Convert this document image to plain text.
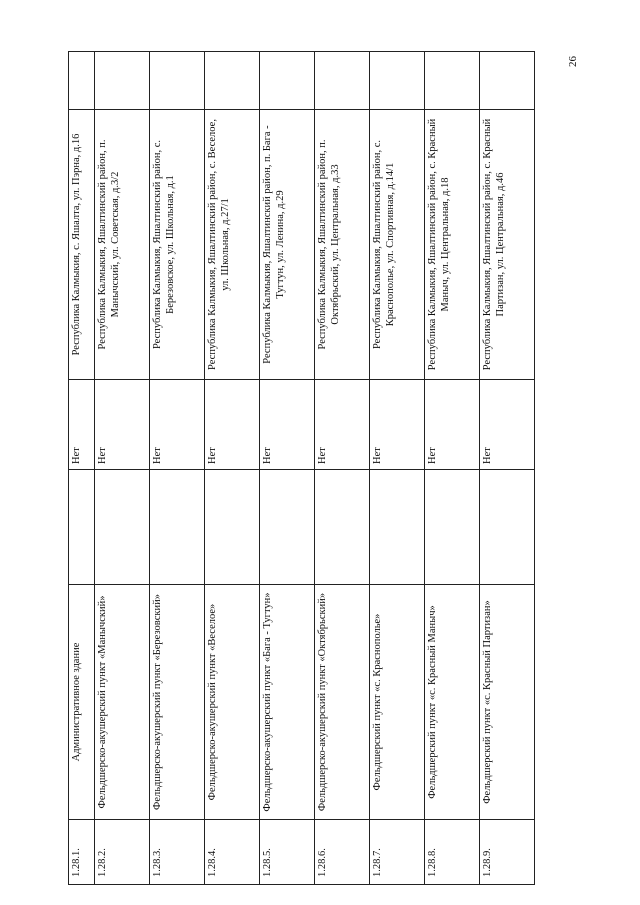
1.28.1.	Административное здание		Нет	Республика Калмыкия, с. Яшалта, ул. Пэрна, д.16	
1.28.2.	Фельдшерско-акушерский пункт «Манычский»		Нет	Республика Калмыкия, Яшалтинский район, п. Манычский, ул. Советская, д.3/2	
1.28.3.	Фельдшерско-акушерский пункт «Березовский»		Нет	Республика Калмыкия, Яшалтинский район, с. Березовское, ул. Школьная, д.1	
1.28.4.	Фельдшерско-акушерский пункт «Веселое»		Нет	Республика Калмыкия, Яшалтинский район, с. Веселое, ул. Школьная, д.27/1	
1.28.5.	Фельдшерско-акушерский пункт «Бага - Тугтун»		Нет	Республика Калмыкия, Яшалтинский район, п. Бага - Тугтун, ул. Ленина, д.29	
1.28.6.	Фельдшерско-акушерский пункт «Октябрьский»		Нет	Республика Калмыкия, Яшалтинский район, п. Октябрьский, ул. Центральная, д.33	
1.28.7.	Фельдшерский пункт «с. Краснополье»		Нет	Республика Калмыкия, Яшалтинский район, с. Краснополье, ул. Спортивная, д.14/1	
1.28.8.	Фельдшерский пункт «с. Красный Маныч»		Нет	Республика Калмыкия, Яшалтинский район, с. Красный Маныч, ул. Центральная, д.18	
1.28.9.	Фельдшерский пункт «с. Красный Партизан»		Нет	Республика Калмыкия, Яшалтинский район, с. Красный Партизан, ул. Центральная, д.46	
26
